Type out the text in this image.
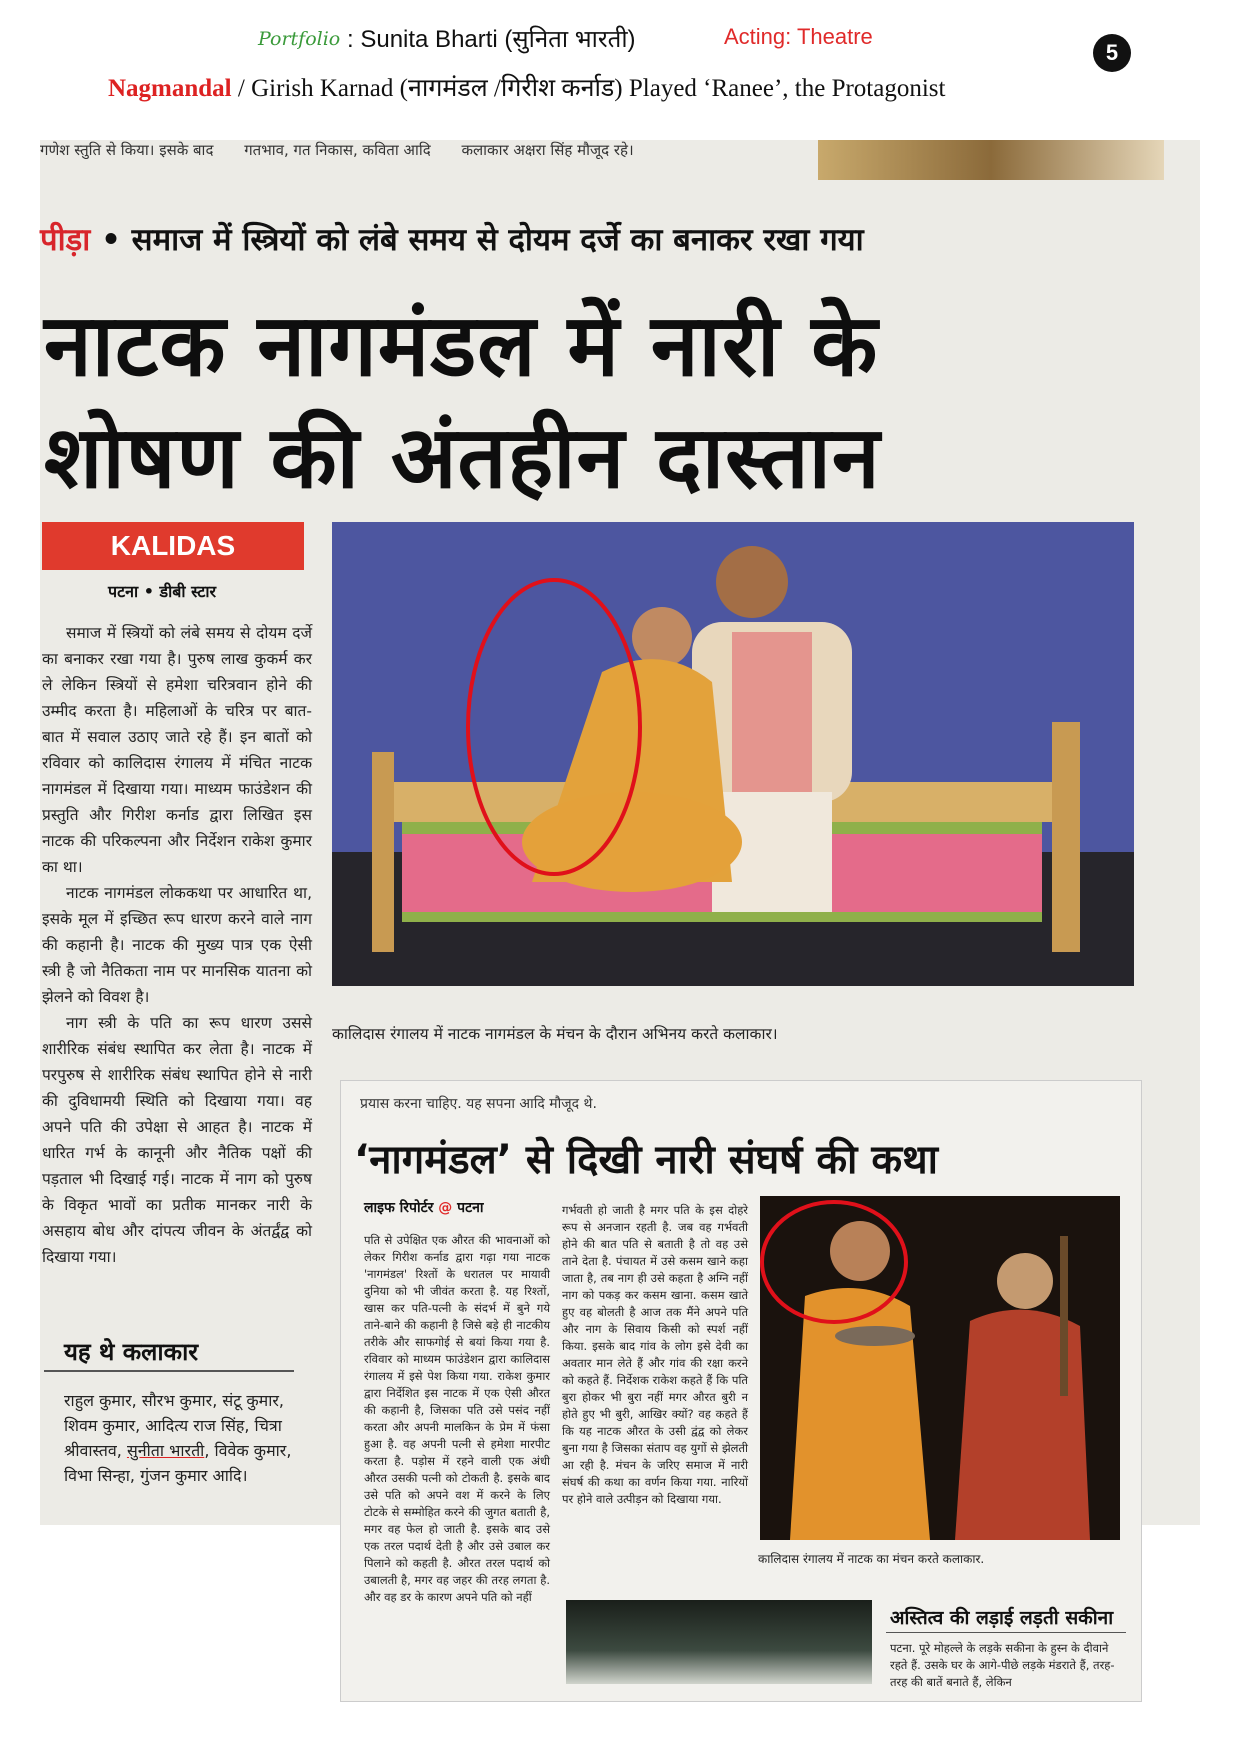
Portfolio : Sunita Bharti (सुनिता भारती)	Acting: Theatre
5
Nagmandal / Girish Karnad (नागमंडल /गिरीश कर्नाड) Played ‘Ranee’, the Protagonist
गणेश स्तुति से किया। इसके बाद गतभाव, गत निकास, कविता आदि कलाकार अक्षरा सिंह मौजूद रहे।
पीड़ा • समाज में स्त्रियों को लंबे समय से दोयम दर्जे का बनाकर रखा गया
नाटक नागमंडल में नारी के
शोषण की अंतहीन दास्तान
KALIDAS
पटना • डीबी स्टार

समाज में स्त्रियों को लंबे समय से दोयम दर्जे का बनाकर रखा गया है। पुरुष लाख कुकर्म कर ले लेकिन स्त्रियों से हमेशा चरित्रवान होने की उम्मीद करता है। महिलाओं के चरित्र पर बात-बात में सवाल उठाए जाते रहे हैं। इन बातों को रविवार को कालिदास रंगालय में मंचित नाटक नागमंडल में दिखाया गया। माध्यम फाउंडेशन की प्रस्तुति और गिरीश कर्नाड द्वारा लिखित इस नाटक की परिकल्पना और निर्देशन राकेश कुमार का था।

नाटक नागमंडल लोककथा पर आधारित था, इसके मूल में इच्छित रूप धारण करने वाले नाग की कहानी है। नाटक की मुख्य पात्र एक ऐसी स्त्री है जो नैतिकता नाम पर मानसिक यातना को झेलने को विवश है।

नाग स्त्री के पति का रूप धारण उससे शारीरिक संबंध स्थापित कर लेता है। नाटक में परपुरुष से शारीरिक संबंध स्थापित होने से नारी की दुविधामयी स्थिति को दिखाया गया। वह अपने पति की उपेक्षा से आहत है। नाटक में धारित गर्भ के कानूनी और नैतिक पक्षों की पड़ताल भी दिखाई गई। नाटक में नाग को पुरुष के विकृत भावों का प्रतीक मानकर नारी के असहाय बोध और दांपत्य जीवन के अंतर्द्वंद्व को दिखाया गया।

यह थे कलाकार
राहुल कुमार, सौरभ कुमार, संटू कुमार, शिवम कुमार, आदित्य राज सिंह, चित्रा श्रीवास्तव, सुनीता भारती, विवेक कुमार, विभा सिन्हा, गुंजन कुमार आदि।
कालिदास रंगालय में नाटक नागमंडल के मंचन के दौरान अभिनय करते कलाकार।
प्रयास करना चाहिए. यह सपना आदि मौजूद थे.
‘नागमंडल’ से दिखी नारी संघर्ष की कथा
लाइफ रिपोर्टर @ पटना
पति से उपेक्षित एक औरत की भावनाओं को लेकर गिरीश कर्नाड द्वारा गढ़ा गया नाटक 'नागमंडल' रिश्तों के धरातल पर मायावी दुनिया को भी जीवंत करता है. यह रिश्तों, खास कर पति-पत्नी के संदर्भ में बुने गये ताने-बाने की कहानी है जिसे बड़े ही नाटकीय तरीके और साफगोई से बयां किया गया है. रविवार को माध्यम फाउंडेशन द्वारा कालिदास रंगालय में इसे पेश किया गया. राकेश कुमार द्वारा निर्देशित इस नाटक में एक ऐसी औरत की कहानी है, जिसका पति उसे पसंद नहीं करता और अपनी मालकिन के प्रेम में फंसा हुआ है. वह अपनी पत्नी से हमेशा मारपीट करता है. पड़ोस में रहने वाली एक अंधी औरत उसकी पत्नी को टोकती है. इसके बाद उसे पति को अपने वश में करने के लिए टोटके से सम्मोहित करने की जुगत बताती है, मगर वह फेल हो जाती है. इसके बाद उसे एक तरल पदार्थ देती है और उसे उबाल कर पिलाने को कहती है. औरत तरल पदार्थ को उबालती है, मगर वह जहर की तरह लगता है. और वह डर के कारण अपने पति को नहीं
गर्भवती हो जाती है मगर पति के इस दोहरे रूप से अनजान रहती है. जब वह गर्भवती होने की बात पति से बताती है तो वह उसे ताने देता है. पंचायत में उसे कसम खाने कहा जाता है, तब नाग ही उसे कहता है अग्नि नहीं नाग को पकड़ कर कसम खाना. कसम खाते हुए वह बोलती है आज तक मैंने अपने पति और नाग के सिवाय किसी को स्पर्श नहीं किया. इसके बाद गांव के लोग इसे देवी का अवतार मान लेते हैं और गांव की रक्षा करने को कहते हैं. निर्देशक राकेश कहते हैं कि पति बुरा होकर भी बुरा नहीं मगर औरत बुरी न होते हुए भी बुरी, आखिर क्यों? वह कहते हैं कि यह नाटक औरत के उसी द्वंद्व को लेकर बुना गया है जिसका संताप वह युगों से झेलती आ रही है. मंचन के जरिए समाज में नारी संघर्ष की कथा का वर्णन किया गया. नारियों पर होने वाले उत्पीड़न को दिखाया गया.
कालिदास रंगालय में नाटक का मंचन करते कलाकार.
अस्तित्व की लड़ाई लड़ती सकीना
पटना. पूरे मोहल्ले के लड़के सकीना के हुस्न के दीवाने रहते हैं. उसके घर के आगे-पीछे लड़के मंडराते हैं, तरह-तरह की बातें बनाते हैं, लेकिन
